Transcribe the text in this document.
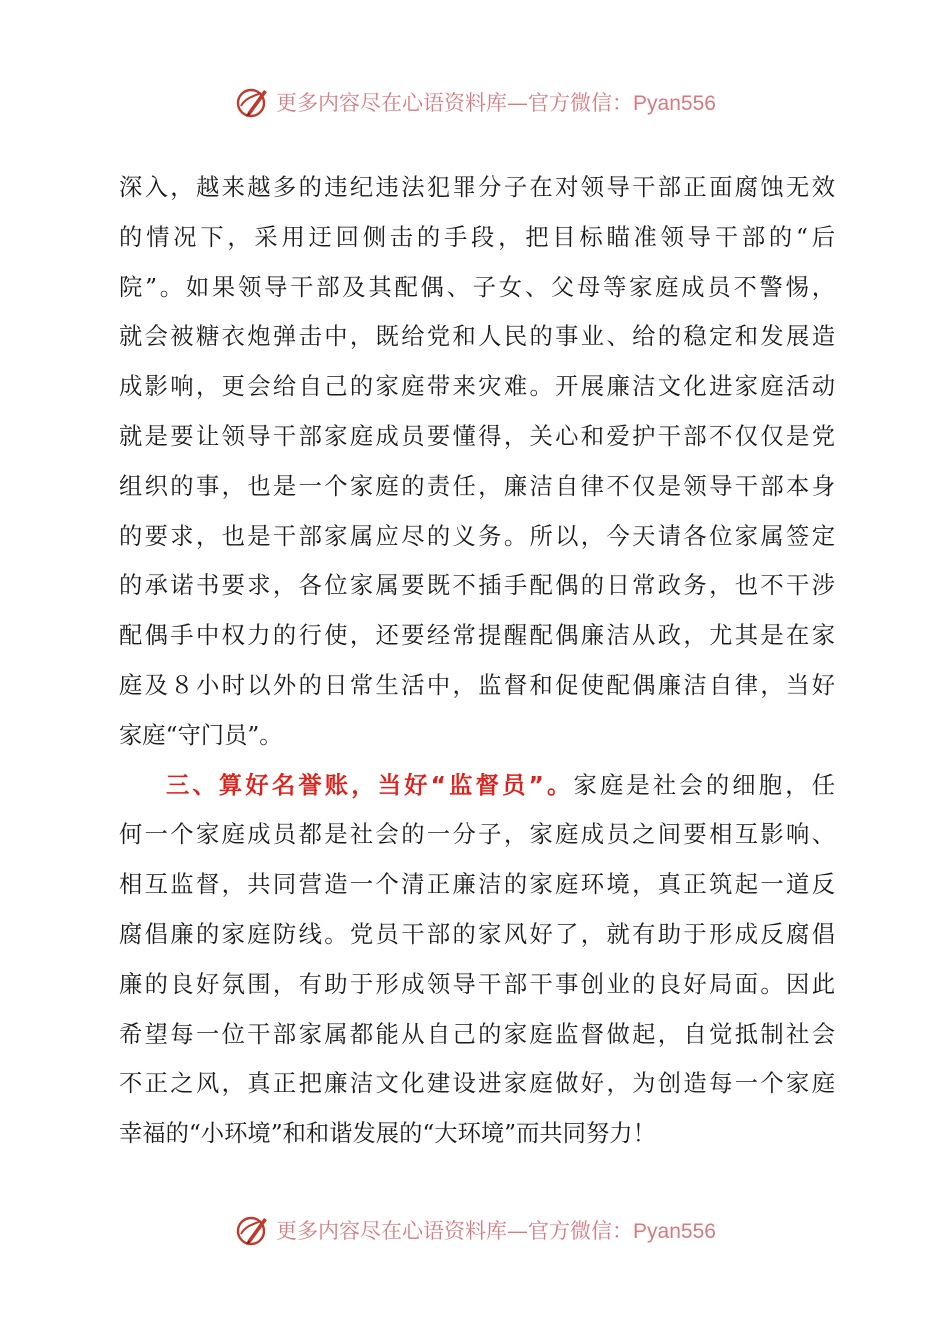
更多内容尽在心语资料库—官方微信：Pyan556
深入，越来越多的违纪违法犯罪分子在对领导干部正面腐蚀无效
的情况下，采用迂回侧击的手段，把目标瞄准领导干部的“后
院”。如果领导干部及其配偶、子女、父母等家庭成员不警惕，
就会被糖衣炮弹击中，既给党和人民的事业、给的稳定和发展造
成影响，更会给自己的家庭带来灾难。开展廉洁文化进家庭活动
就是要让领导干部家庭成员要懂得，关心和爱护干部不仅仅是党
组织的事，也是一个家庭的责任，廉洁自律不仅是领导干部本身
的要求，也是干部家属应尽的义务。所以，今天请各位家属签定
的承诺书要求，各位家属要既不插手配偶的日常政务，也不干涉
配偶手中权力的行使，还要经常提醒配偶廉洁从政，尤其是在家
庭及８小时以外的日常生活中，监督和促使配偶廉洁自律，当好
家庭“守门员”。
三、算好名誉账，当好“监督员”。家庭是社会的细胞，任
何一个家庭成员都是社会的一分子，家庭成员之间要相互影响、
相互监督，共同营造一个清正廉洁的家庭环境，真正筑起一道反
腐倡廉的家庭防线。党员干部的家风好了，就有助于形成反腐倡
廉的良好氛围，有助于形成领导干部干事创业的良好局面。因此
希望每一位干部家属都能从自己的家庭监督做起，自觉抵制社会
不正之风，真正把廉洁文化建设进家庭做好，为创造每一个家庭
幸福的“小环境”和和谐发展的“大环境”而共同努力！
更多内容尽在心语资料库—官方微信：Pyan556
